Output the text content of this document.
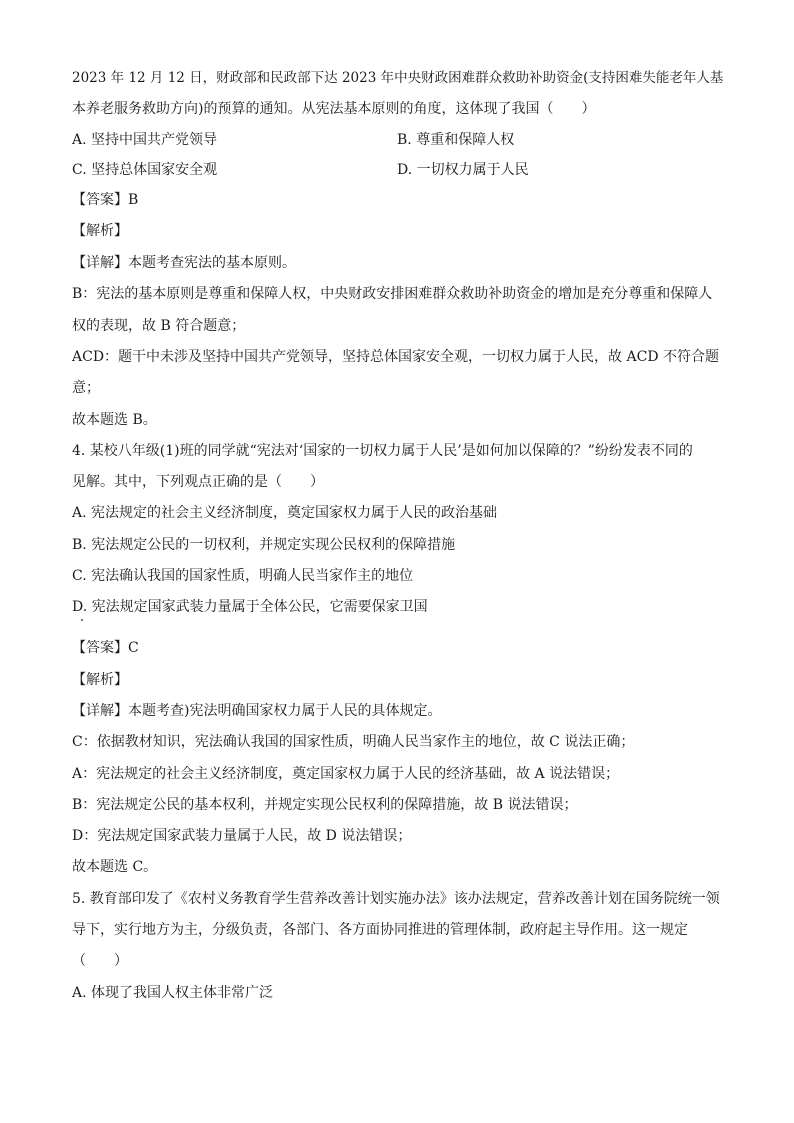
2023 年 12 月 12 日，财政部和民政部下达 2023 年中央财政困难群众救助补助资金(支持困难失能老年人基
本养老服务救助方向)的预算的通知。从宪法基本原则的角度，这体现了我国（　　）
A. 坚持中国共产党领导	B. 尊重和保障人权
C. 坚持总体国家安全观	D. 一切权力属于人民
【答案】B
【解析】
【详解】本题考查宪法的基本原则。
B：宪法的基本原则是尊重和保障人权，中央财政安排困难群众救助补助资金的增加是充分尊重和保障人
权的表现，故 B 符合题意；
ACD：题干中未涉及坚持中国共产党领导，坚持总体国家安全观，一切权力属于人民，故 ACD 不符合题
意；
故本题选 B。
4. 某校八年级(1)班的同学就“宪法对‘国家的一切权力属于人民’是如何加以保障的？”纷纷发表不同的
见解。其中，下列观点正确的是（　　）
A. 宪法规定的社会主义经济制度，奠定国家权力属于人民的政治基础
B. 宪法规定公民的一切权利，并规定实现公民权利的保障措施
C. 宪法确认我国的国家性质，明确人民当家作主的地位
D. 宪法规定国家武装力量属于全体公民，它需要保家卫国
【答案】C
【解析】
【详解】本题考查)宪法明确国家权力属于人民的具体规定。
C：依据教材知识，宪法确认我国的国家性质，明确人民当家作主的地位，故 C 说法正确；
A：宪法规定的社会主义经济制度，奠定国家权力属于人民的经济基础，故 A 说法错误；
B：宪法规定公民的基本权利，并规定实现公民权利的保障措施，故 B 说法错误；
D：宪法规定国家武装力量属于人民，故 D 说法错误；
故本题选 C。
5. 教育部印发了《农村义务教育学生营养改善计划实施办法》该办法规定，营养改善计划在国务院统一领
导下，实行地方为主，分级负责，各部门、各方面协同推进的管理体制，政府起主导作用。这一规定
（　　）
A. 体现了我国人权主体非常广泛
